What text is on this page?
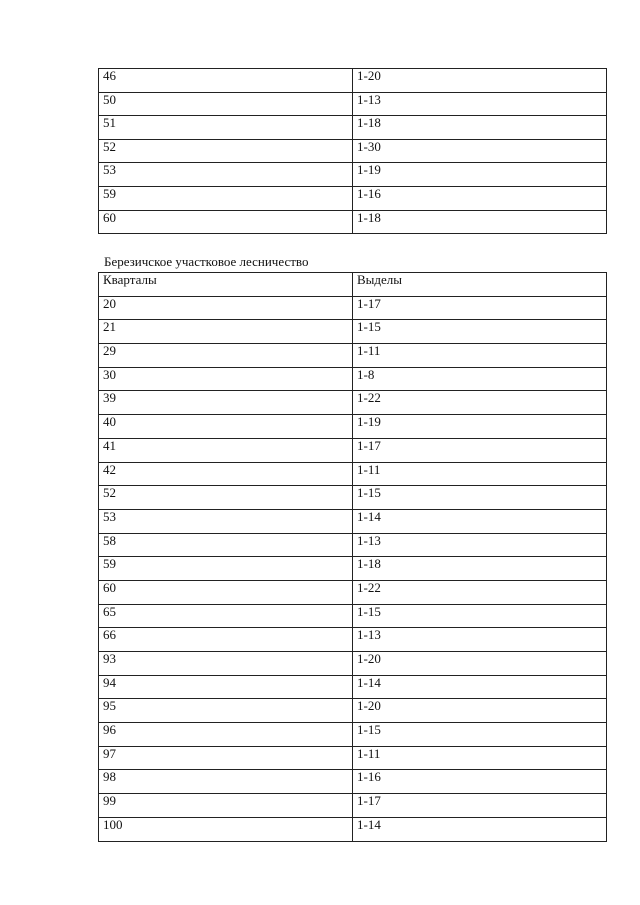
46	1-20
50	1-13
51	1-18
52	1-30
53	1-19
59	1-16
60	1-18
Березичское участковое лесничество
Кварталы	Выделы
20	1-17
21	1-15
29	1-11
30	1-8
39	1-22
40	1-19
41	1-17
42	1-11
52	1-15
53	1-14
58	1-13
59	1-18
60	1-22
65	1-15
66	1-13
93	1-20
94	1-14
95	1-20
96	1-15
97	1-11
98	1-16
99	1-17
100	1-14
